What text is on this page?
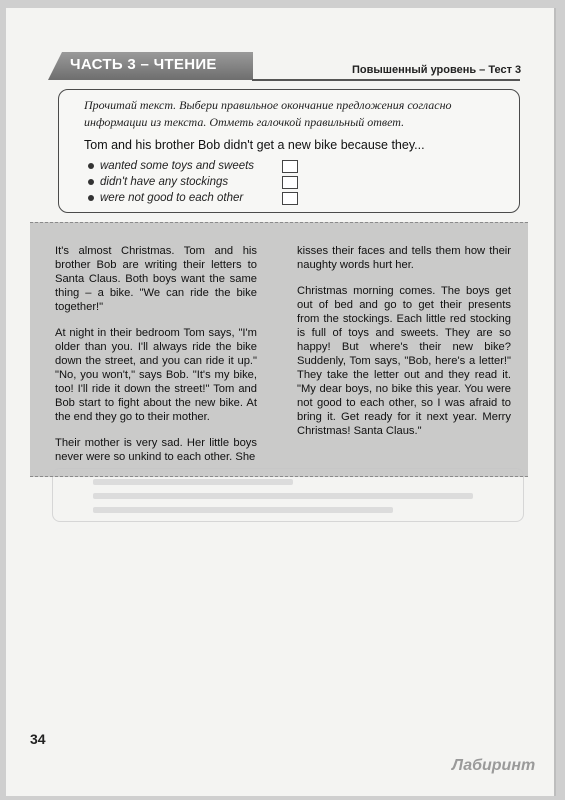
ЧАСТЬ 3 – ЧТЕНИЕ	Повышенный уровень – Тест 3
Прочитай текст. Выбери правильное окончание предложения согласно информации из текста. Отметь галочкой правильный ответ.
Tom and his brother Bob didn't get a new bike because they...
wanted some toys and sweets
didn't have any stockings
were not good to each other

It's almost Christmas. Tom and his brother Bob are writing their letters to Santa Claus. Both boys want the same thing – a bike. "We can ride the bike together!"

At night in their bedroom Tom says, "I'm older than you. I'll always ride the bike down the street, and you can ride it up." "No, you won't," says Bob. "It's my bike, too! I'll ride it down the street!" Tom and Bob start to fight about the new bike. At the end they go to their mother.

Their mother is very sad. Her little boys never were so unkind to each other. She

kisses their faces and tells them how their naughty words hurt her.

Christmas morning comes. The boys get out of bed and go to get their presents from the stockings. Each little red stocking is full of toys and sweets. They are so happy! But where's their new bike? Suddenly, Tom says, "Bob, here's a letter!" They take the letter out and they read it. "My dear boys, no bike this year. You were not good to each other, so I was afraid to bring it. Get ready for it next year. Merry Christmas! Santa Claus."

34
Лабиринт
